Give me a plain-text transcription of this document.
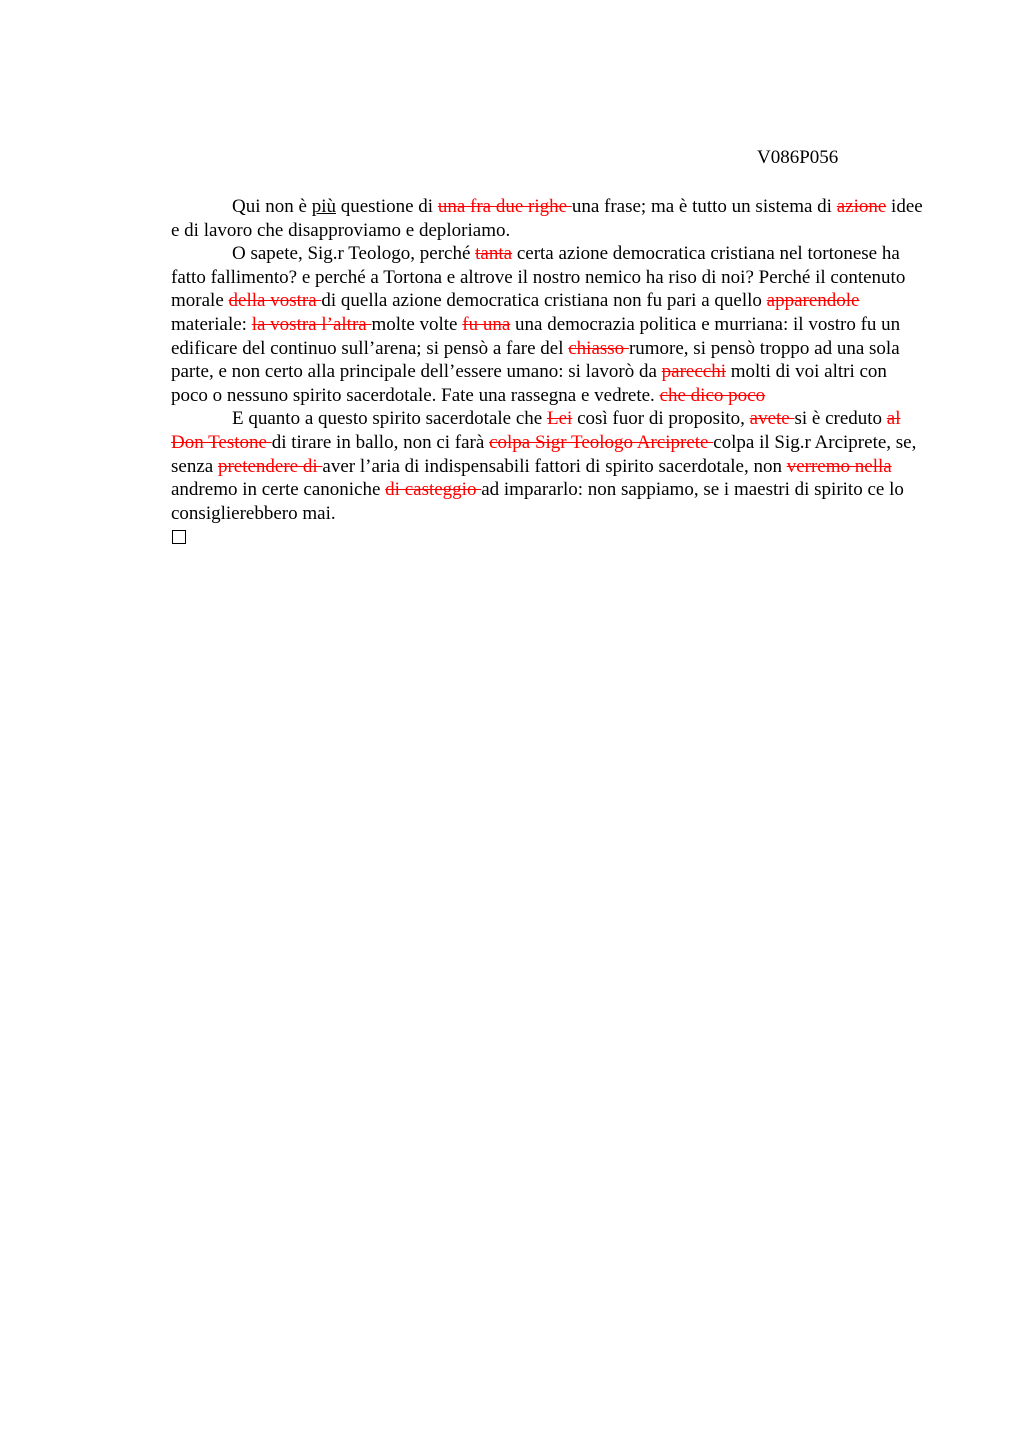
V086P056

Qui non è più questione di una fra due righe una frase; ma è tutto un sistema di azione idee e di lavoro che disapproviamo e deploriamo.

O sapete, Sig.r Teologo, perché tanta certa azione democratica cristiana nel tortonese ha fatto fallimento? e perché a Tortona e altrove il nostro nemico ha riso di noi? Perché il contenuto morale della vostra di quella azione democratica cristiana non fu pari a quello apparendole materiale: la vostra l’altra molte volte fu una una democrazia politica e murriana: il vostro fu un edificare del continuo sull’arena; si pensò a fare del chiasso rumore, si pensò troppo ad una sola parte, e non certo alla principale dell’essere umano: si lavorò da parecchi molti di voi altri con poco o nessuno spirito sacerdotale. Fate una rassegna e vedrete. che dico poco

E quanto a questo spirito sacerdotale che Lei così fuor di proposito, avete si è creduto al Don Testone di tirare in ballo, non ci farà colpa Sigr Teologo Arciprete colpa il Sig.r Arciprete, se, senza pretendere di aver l’aria di indispensabili fattori di spirito sacerdotale, non verremo nella andremo in certe canoniche di casteggio ad impararlo: non sappiamo, se i maestri di spirito ce lo consiglierebbero mai.
